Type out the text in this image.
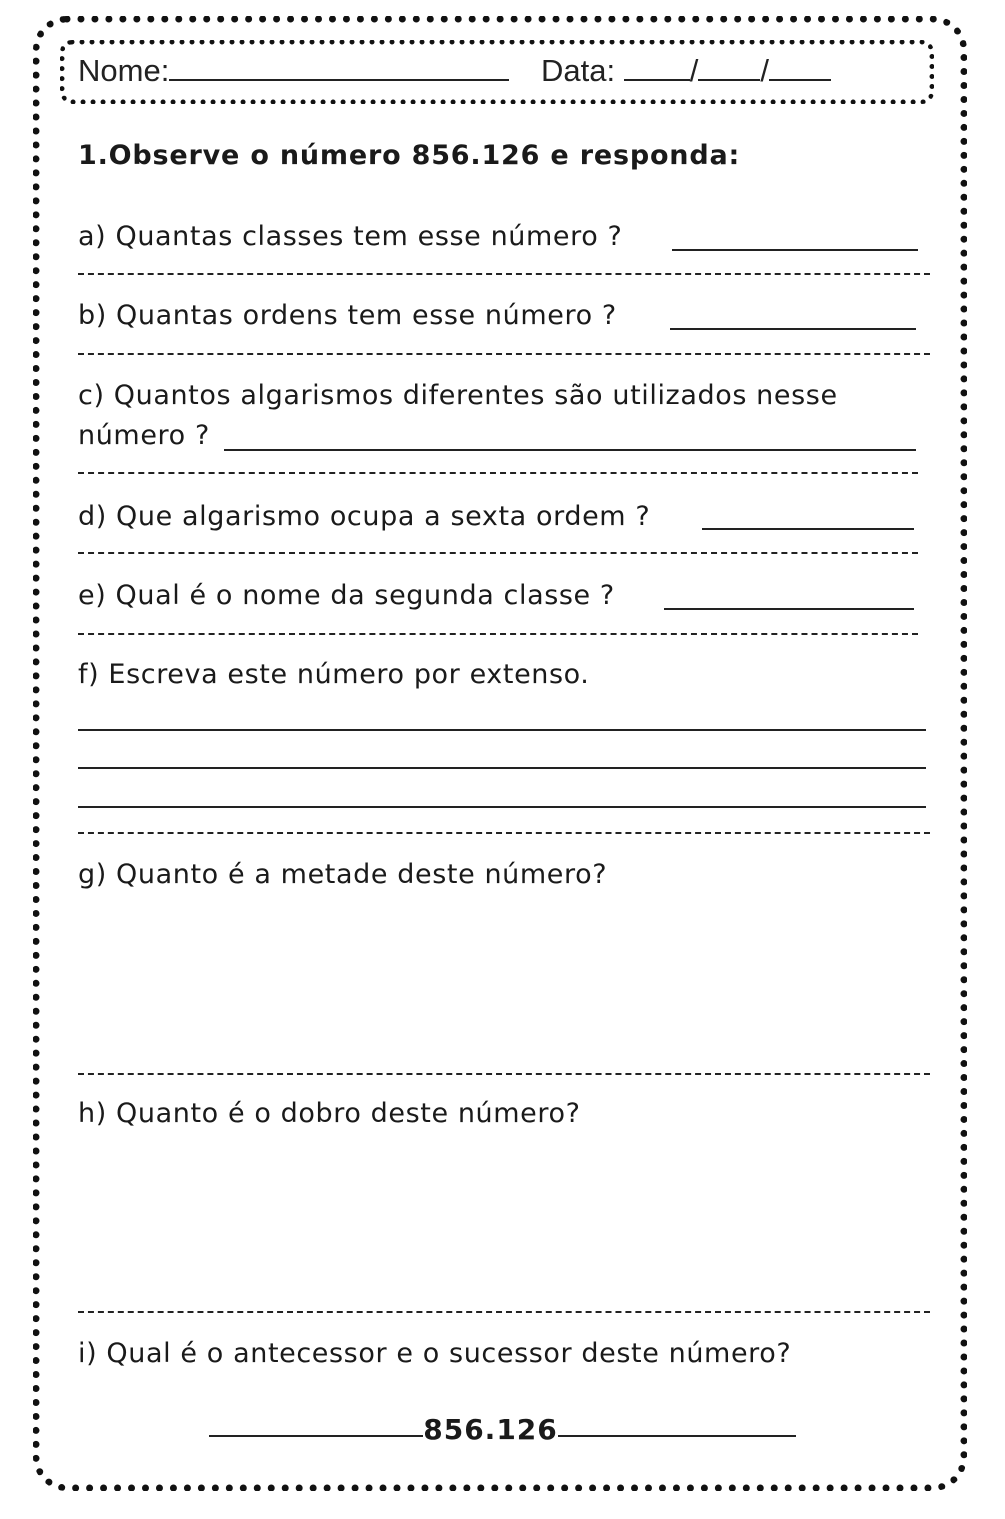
Nome:	Data: / /
1.Observe o número 856.126 e responda:
a) Quantas classes tem esse número ?
b) Quantas ordens tem esse número ?
c) Quantos algarismos diferentes são utilizados nesse
número ?
d) Que algarismo ocupa a sexta ordem ?
e) Qual é o nome da segunda classe ?
f) Escreva este número por extenso.
g) Quanto é a metade deste número?
h) Quanto é o dobro deste número?
i) Qual é o antecessor e o sucessor deste número?
856.126
